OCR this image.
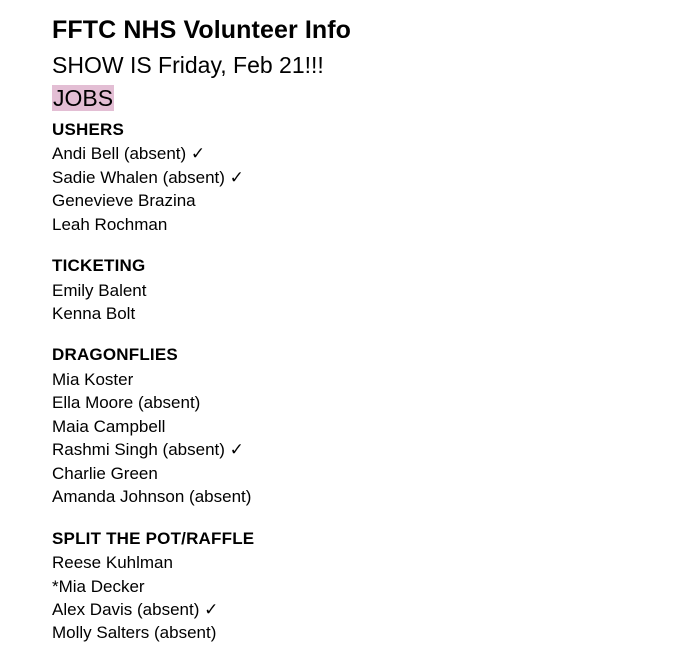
FFTC NHS Volunteer Info
SHOW IS Friday, Feb 21!!!
JOBS
USHERS
Andi Bell (absent) ✓
Sadie Whalen (absent) ✓
Genevieve Brazina
Leah Rochman
TICKETING
Emily Balent
Kenna Bolt
DRAGONFLIES
Mia Koster
Ella Moore (absent)
Maia Campbell
Rashmi Singh (absent) ✓
Charlie Green
Amanda Johnson (absent)
SPLIT THE POT/RAFFLE
Reese Kuhlman
*Mia Decker
Alex Davis (absent) ✓
Molly Salters (absent)
